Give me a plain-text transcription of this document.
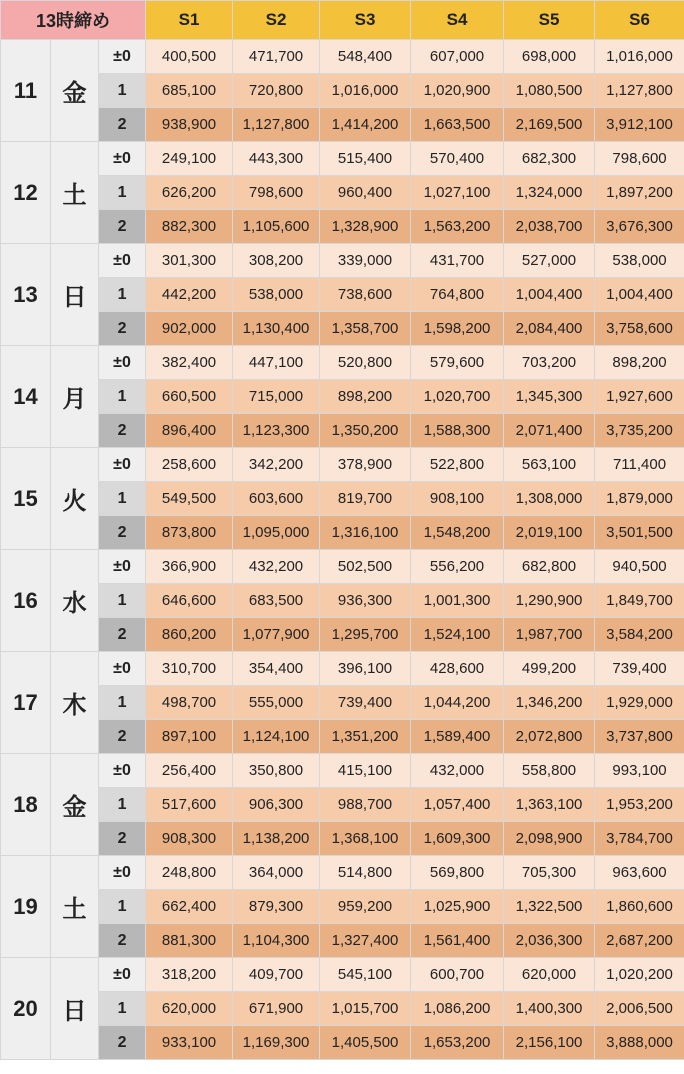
13時締め			S1	S2	S3	S4	S5	S6
11	金	±0	400,500	471,700	548,400	607,000	698,000	1,016,000
		1	685,100	720,800	1,016,000	1,020,900	1,080,500	1,127,800
		2	938,900	1,127,800	1,414,200	1,663,500	2,169,500	3,912,100
12	土	±0	249,100	443,300	515,400	570,400	682,300	798,600
		1	626,200	798,600	960,400	1,027,100	1,324,000	1,897,200
		2	882,300	1,105,600	1,328,900	1,563,200	2,038,700	3,676,300
13	日	±0	301,300	308,200	339,000	431,700	527,000	538,000
		1	442,200	538,000	738,600	764,800	1,004,400	1,004,400
		2	902,000	1,130,400	1,358,700	1,598,200	2,084,400	3,758,600
14	月	±0	382,400	447,100	520,800	579,600	703,200	898,200
		1	660,500	715,000	898,200	1,020,700	1,345,300	1,927,600
		2	896,400	1,123,300	1,350,200	1,588,300	2,071,400	3,735,200
15	火	±0	258,600	342,200	378,900	522,800	563,100	711,400
		1	549,500	603,600	819,700	908,100	1,308,000	1,879,000
		2	873,800	1,095,000	1,316,100	1,548,200	2,019,100	3,501,500
16	水	±0	366,900	432,200	502,500	556,200	682,800	940,500
		1	646,600	683,500	936,300	1,001,300	1,290,900	1,849,700
		2	860,200	1,077,900	1,295,700	1,524,100	1,987,700	3,584,200
17	木	±0	310,700	354,400	396,100	428,600	499,200	739,400
		1	498,700	555,000	739,400	1,044,200	1,346,200	1,929,000
		2	897,100	1,124,100	1,351,200	1,589,400	2,072,800	3,737,800
18	金	±0	256,400	350,800	415,100	432,000	558,800	993,100
		1	517,600	906,300	988,700	1,057,400	1,363,100	1,953,200
		2	908,300	1,138,200	1,368,100	1,609,300	2,098,900	3,784,700
19	土	±0	248,800	364,000	514,800	569,800	705,300	963,600
		1	662,400	879,300	959,200	1,025,900	1,322,500	1,860,600
		2	881,300	1,104,300	1,327,400	1,561,400	2,036,300	2,687,200
20	日	±0	318,200	409,700	545,100	600,700	620,000	1,020,200
		1	620,000	671,900	1,015,700	1,086,200	1,400,300	2,006,500
		2	933,100	1,169,300	1,405,500	1,653,200	2,156,100	3,888,000
